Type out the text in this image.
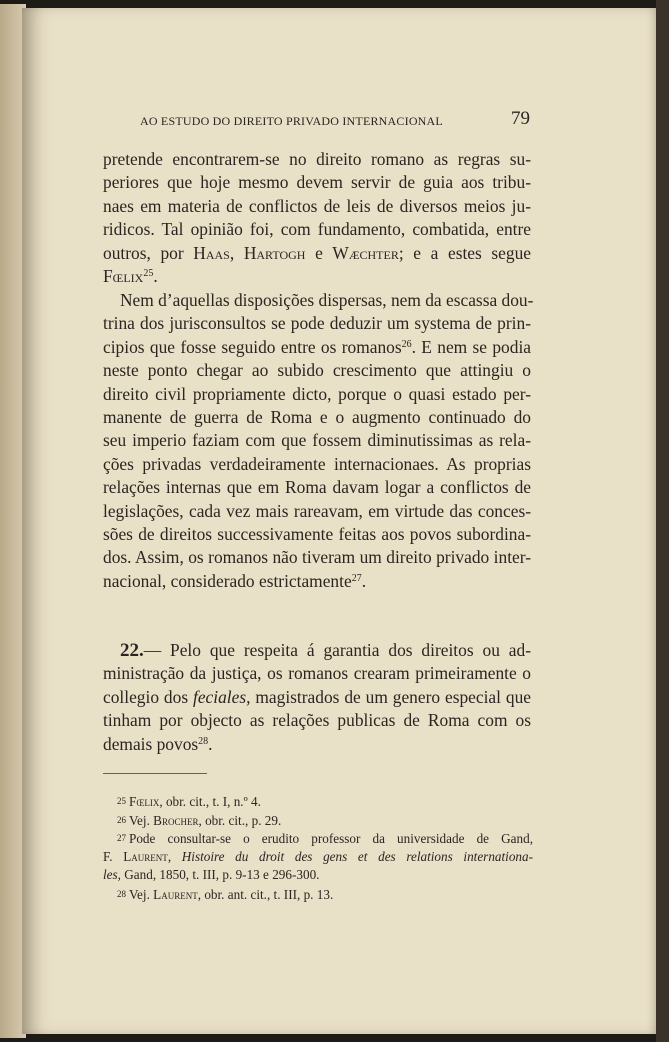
AO ESTUDO DO DIREITO PRIVADO INTERNACIONAL	79
pretende encontrarem-se no direito romano as regras su-
periores que hoje mesmo devem servir de guia aos tribu-
naes em materia de conflictos de leis de diversos meios ju-
ridicos. Tal opinião foi, com fundamento, combatida, entre
outros, por Haas, Hartogh e Wæchter; e a estes segue
Fœlix$^{25}$.
Nem d’aquellas disposições dispersas, nem da escassa dou-
trina dos jurisconsultos se pode deduzir um systema de prin-
cipios que fosse seguido entre os romanos$^{26}$. E nem se podia
neste ponto chegar ao subido crescimento que attingiu o
direito civil propriamente dicto, porque o quasi estado per-
manente de guerra de Roma e o augmento continuado do
seu imperio faziam com que fossem diminutissimas as rela-
ções privadas verdadeiramente internacionaes. As proprias
relações internas que em Roma davam logar a conflictos de
legislações, cada vez mais rareavam, em virtude das conces-
sões de direitos successivamente feitas aos povos subordina-
dos. Assim, os romanos não tiveram um direito privado inter-
nacional, considerado estrictamente$^{27}$.
22.— Pelo que respeita á garantia dos direitos ou ad-
ministração da justiça, os romanos crearam primeiramente o
collegio dos feciales, magistrados de um genero especial que
tinham por objecto as relações publicas de Roma com os
demais povos$^{28}$.
25 Fœlix, obr. cit., t. I, n.º 4.
26 Vej. Brocher, obr. cit., p. 29.
27 Pode consultar-se o erudito professor da universidade de Gand,
F. Laurent, Histoire du droit des gens et des relations internationa-
les, Gand, 1850, t. III, p. 9-13 e 296-300.
28 Vej. Laurent, obr. ant. cit., t. III, p. 13.
